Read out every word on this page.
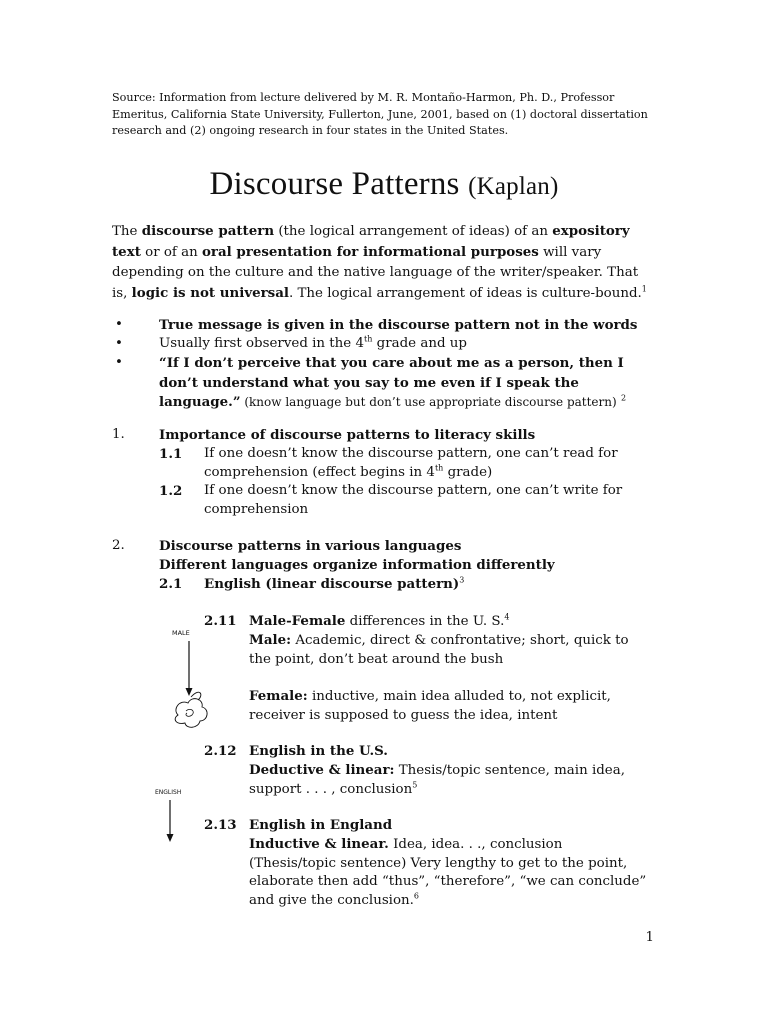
Source: Information from lecture delivered by M. R. Montaño-Harmon, Ph. D., Professor Emeritus, California State University, Fullerton, June, 2001, based on (1) doctoral dissertation research and (2) ongoing research in four states in the United States.
Discourse Patterns (Kaplan)
The discourse pattern (the logical arrangement of ideas) of an expository text or of an oral presentation for informational purposes will vary depending on the culture and the native language of the writer/speaker. That is, logic is not universal. The logical arrangement of ideas is culture-bound.$^1$
•	True message is given in the discourse pattern not in the words
•	Usually first observed in the 4th grade and up
•	“If I don’t perceive that you care about me as a person, then I don’t understand what you say to me even if I speak the language.” (know language but don’t use appropriate discourse pattern) $^2$
1.	Importance of discourse patterns to literacy skills
1.1 If one doesn’t know the discourse pattern, one can’t read for comprehension (effect begins in 4th grade)
1.2 If one doesn’t know the discourse pattern, one can’t write for comprehension
2.	Discourse patterns in various languages
Different languages organize information differently
2.1 English (linear discourse pattern)$^3$
2.11 Male-Female differences in the U. S.$^4$
Male: Academic, direct & confrontative; short, quick to the point, don’t beat around the bush
Female: inductive, main idea alluded to, not explicit, receiver is supposed to guess the idea, intent
2.12 English in the U.S.
Deductive & linear: Thesis/topic sentence, main idea, support . . . , conclusion$^5$
2.13 English in England
Inductive & linear. Idea, idea. . ., conclusion (Thesis/topic sentence) Very lengthy to get to the point, elaborate then add “thus”, “therefore”, “we can conclude” and give the conclusion.$^6$
MALE
ENGLISH
1
